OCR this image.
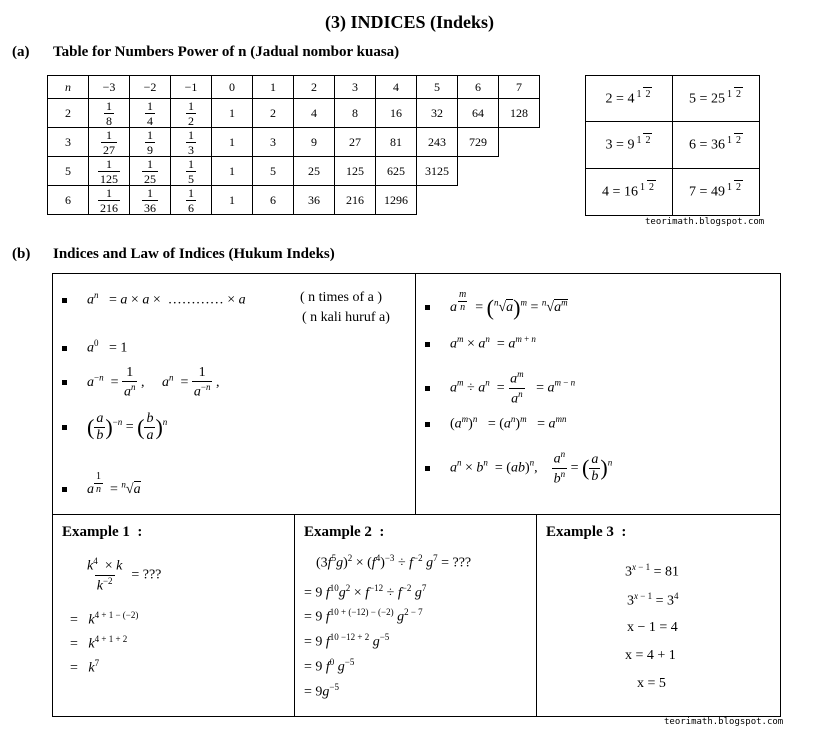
(3) INDICES (Indeks)
(a) Table for Numbers Power of n (Jadual nombor kuasa)
n	−3	−2	−1	0	1	2	3	4	5	6	7
2	$\frac{1}{8}$	$\frac{1}{4}$	$\frac{1}{2}$	1	2	4	8	16	32	64	128
3	$\frac{1}{27}$	$\frac{1}{9}$	$\frac{1}{3}$	1	3	9	27	81	243	729	
5	$\frac{1}{125}$	$\frac{1}{25}$	$\frac{1}{5}$	1	5	25	125	625	3125		
6	$\frac{1}{216}$	$\frac{1}{36}$	$\frac{1}{6}$	1	6	36	216	1296			
2 = 4 1 2	5 = 25 1 2
3 = 9 1 2	6 = 36 1 2
4 = 16 1 2	7 = 49 1 2
teorimath.blogspot.com
(b) Indices and Law of Indices (Hukum Indeks)
$a^n = a \times a$ ×  ………… × a	( n times of a )
( n kali huruf a)
$a^0 = 1$
$a^{-n} = \frac{1}{a^n}$ ,     $a^n = \frac{1}{a^{-n}}$ ,
( $\frac{a}{b} )^{-n}$ = ( $\frac{b}{a} )^n$
a $\frac{1}{n} = ^n√a$
a $\frac{m}{n} = (^n√a)^m = ^n√a^m$
$a^m \times a^n = a^{m + n}$
$a^m \div a^n = \frac{a^m}{a^n} = a^{m - n}$
$(a^m)^n = (a^n)^m = a^{mn}$
$a^n \times b^n = (ab)^n$, $\frac{a^n}{b^n}$ = ( $\frac{a}{b} )^n$
Example 1 :
$\frac{k^4 \times k}{k^{-2}}$ = ???
=   $k^{4 + 1 - (-2)}$
=   $k^{4 + 1 + 2}$
=   $k^7$
Example 2 :
$(3f^5g)^2 \times (f^4)^{-3} \div f^{-2}$ $g^7$ = ???
= 9 $f^{10}g^2 \times f^{-12} \div f^{-2}$ $g^7$
= 9 $f^{10 + (-12) - (-2)}$ $g^{2 - 7}$
= 9 $f^{10 -12 + 2}$ $g^{-5}$
= 9 $f^0$ $g^{-5}$
= $9g^{-5}$
Example 3 :
$3^{x - 1} = 81$
$3^{x - 1} = 3^4$
x − 1 = 4
x = 4 + 1
x = 5
teorimath.blogspot.com
